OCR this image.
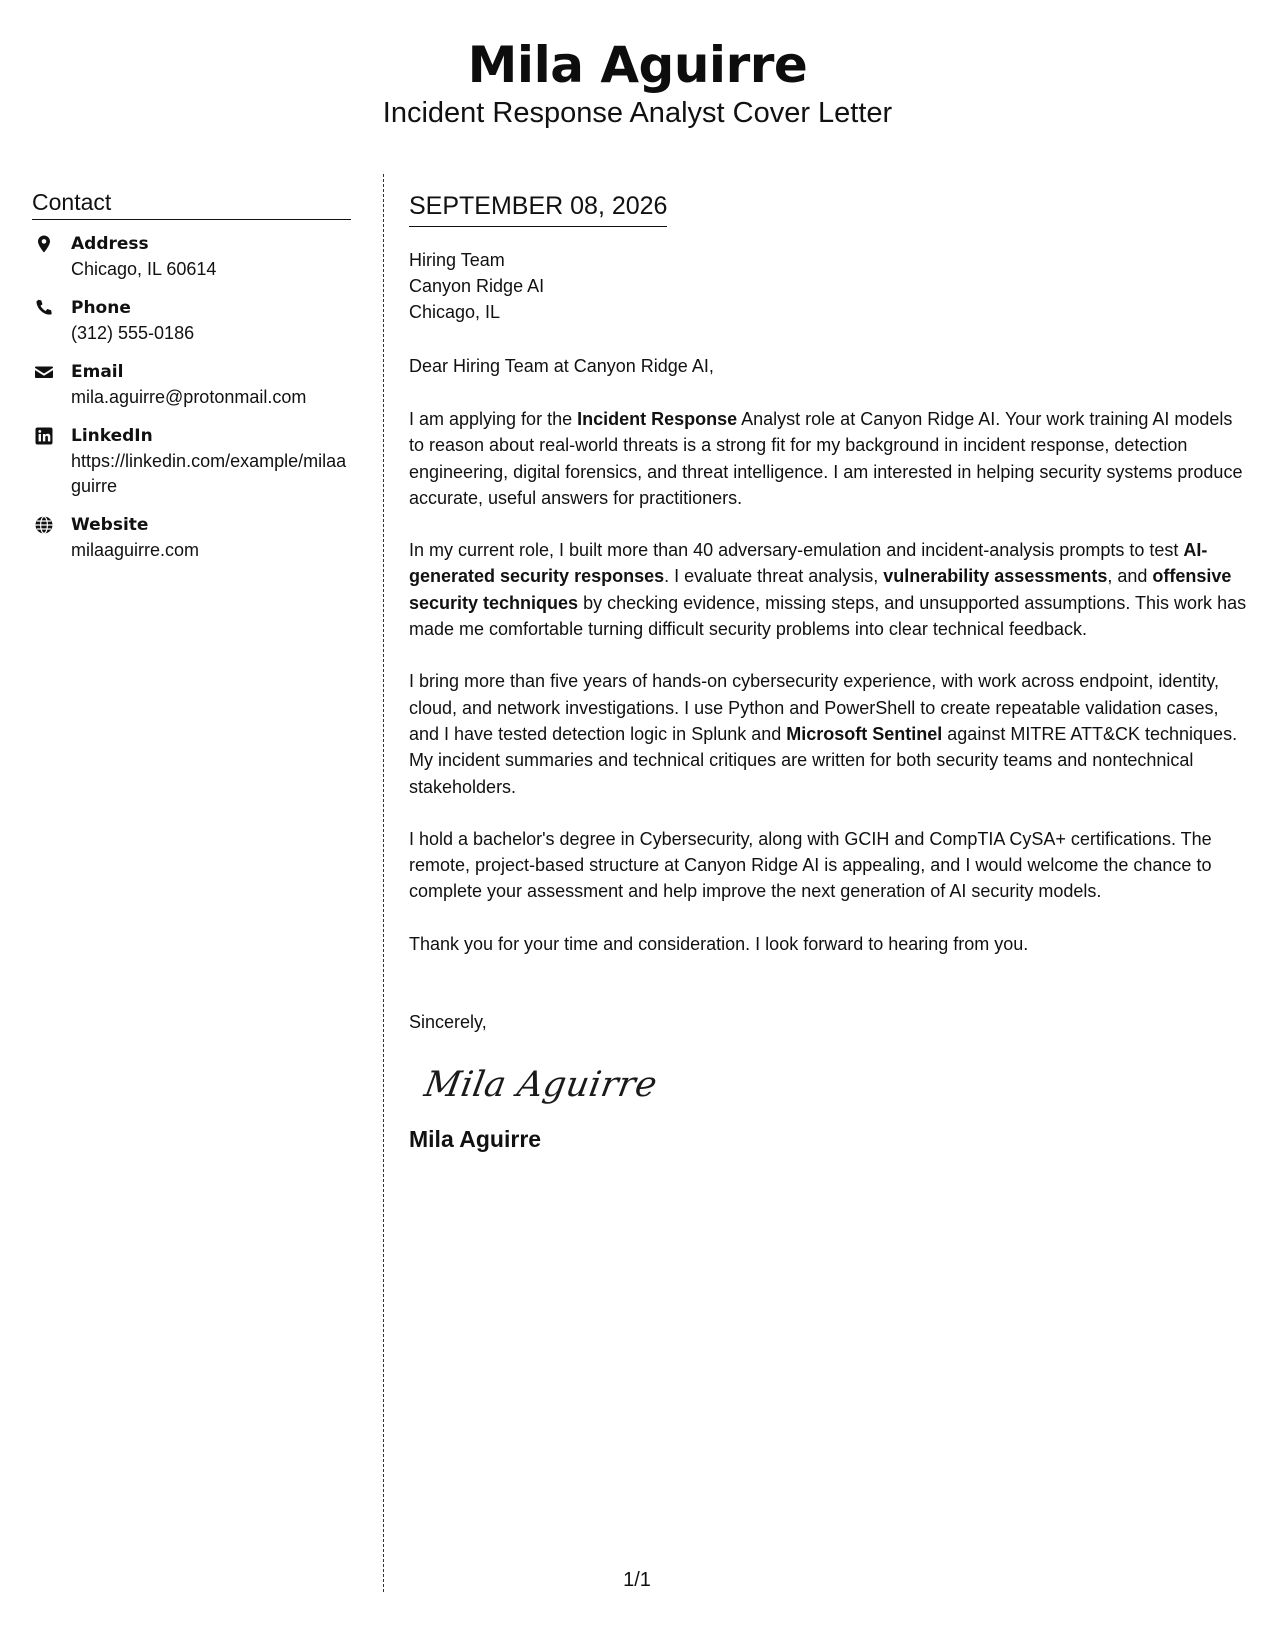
Mila Aguirre
Incident Response Analyst Cover Letter
Contact
Address
Chicago, IL 60614
Phone
(312) 555-0186
Email
mila.aguirre@protonmail.com
LinkedIn
https://linkedin.com/example/milaaguirre
Website
milaaguirre.com
SEPTEMBER 08, 2026
Hiring Team
Canyon Ridge AI
Chicago, IL
Dear Hiring Team at Canyon Ridge AI,

I am applying for the Incident Response Analyst role at Canyon Ridge AI. Your work training AI models to reason about real-world threats is a strong fit for my background in incident response, detection engineering, digital forensics, and threat intelligence. I am interested in helping security systems produce accurate, useful answers for practitioners.

In my current role, I built more than 40 adversary-emulation and incident-analysis prompts to test AI-generated security responses. I evaluate threat analysis, vulnerability assessments, and offensive security techniques by checking evidence, missing steps, and unsupported assumptions. This work has made me comfortable turning difficult security problems into clear technical feedback.

I bring more than five years of hands-on cybersecurity experience, with work across endpoint, identity, cloud, and network investigations. I use Python and PowerShell to create repeatable validation cases, and I have tested detection logic in Splunk and Microsoft Sentinel against MITRE ATT&CK techniques. My incident summaries and technical critiques are written for both security teams and nontechnical stakeholders.

I hold a bachelor's degree in Cybersecurity, along with GCIH and CompTIA CySA+ certifications. The remote, project-based structure at Canyon Ridge AI is appealing, and I would welcome the chance to complete your assessment and help improve the next generation of AI security models.

Thank you for your time and consideration. I look forward to hearing from you.

Sincerely,
Mila Aguirre
Mila Aguirre
1/1
